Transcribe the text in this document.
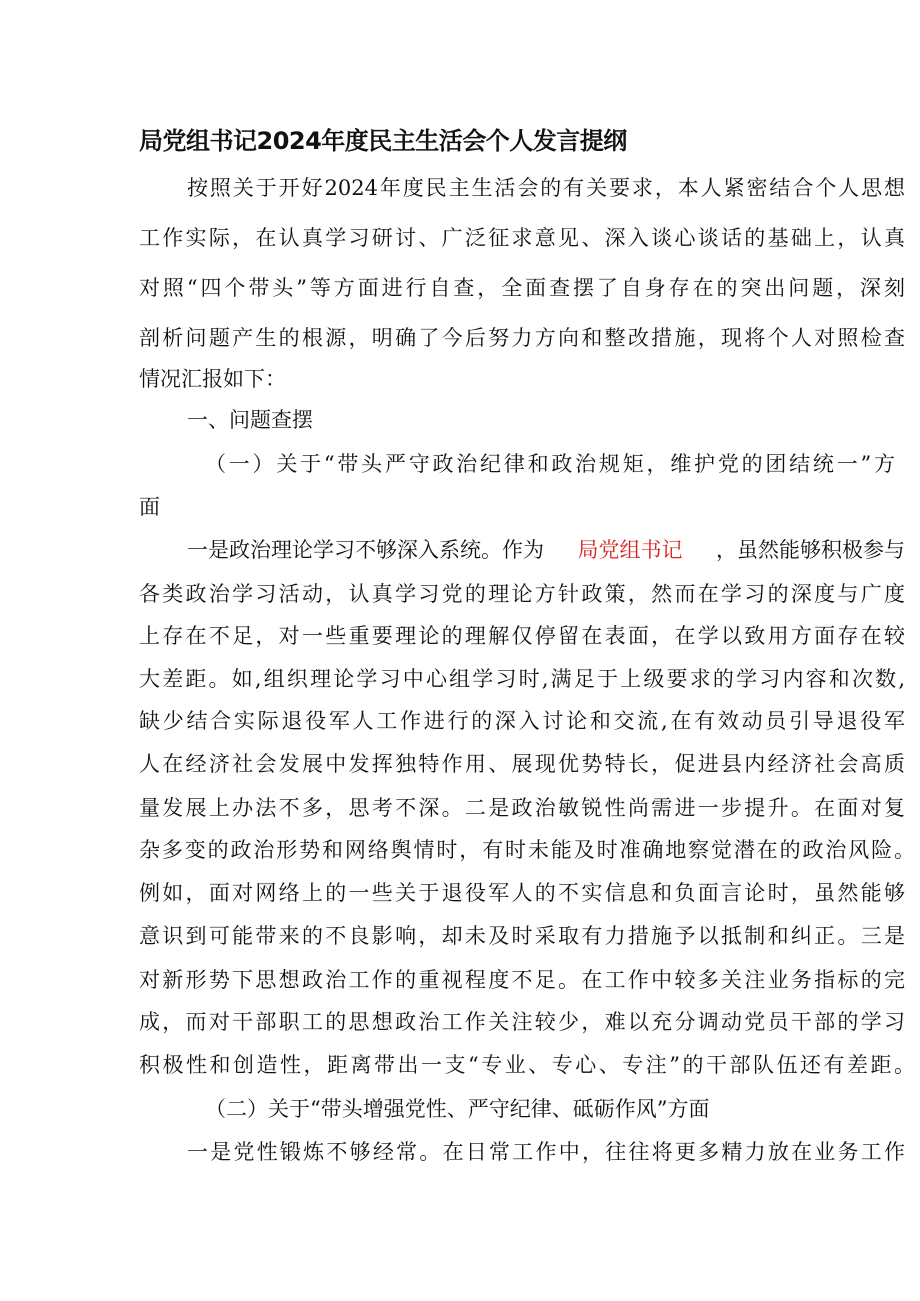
局党组书记2024年度民主生活会个人发言提纲
按照关于开好2024年度民主生活会的有关要求，本人紧密结合个人思想
工作实际，在认真学习研讨、广泛征求意见、深入谈心谈话的基础上，认真
对照“四个带头”等方面进行自查，全面查摆了自身存在的突出问题，深刻
剖析问题产生的根源，明确了今后努力方向和整改措施，现将个人对照检查
情况汇报如下：
一、问题查摆
（一）关于“带头严守政治纪律和政治规矩，维护党的团结统一”方
面
一是政治理论学习不够深入系统。作为 局党组书记 ，虽然能够积极参与
各类政治学习活动，认真学习党的理论方针政策，然而在学习的深度与广度
上存在不足，对一些重要理论的理解仅停留在表面，在学以致用方面存在较
大差距。如,组织理论学习中心组学习时,满足于上级要求的学习内容和次数,
缺少结合实际退役军人工作进行的深入讨论和交流,在有效动员引导退役军
人在经济社会发展中发挥独特作用、展现优势特长，促进县内经济社会高质
量发展上办法不多，思考不深。二是政治敏锐性尚需进一步提升。在面对复
杂多变的政治形势和网络舆情时，有时未能及时准确地察觉潜在的政治风险。
例如，面对网络上的一些关于退役军人的不实信息和负面言论时，虽然能够
意识到可能带来的不良影响，却未及时采取有力措施予以抵制和纠正。三是
对新形势下思想政治工作的重视程度不足。在工作中较多关注业务指标的完
成，而对干部职工的思想政治工作关注较少，难以充分调动党员干部的学习
积极性和创造性，距离带出一支“专业、专心、专注”的干部队伍还有差距。
（二）关于“带头增强党性、严守纪律、砥砺作风”方面
一是党性锻炼不够经常。在日常工作中，往往将更多精力放在业务工作
